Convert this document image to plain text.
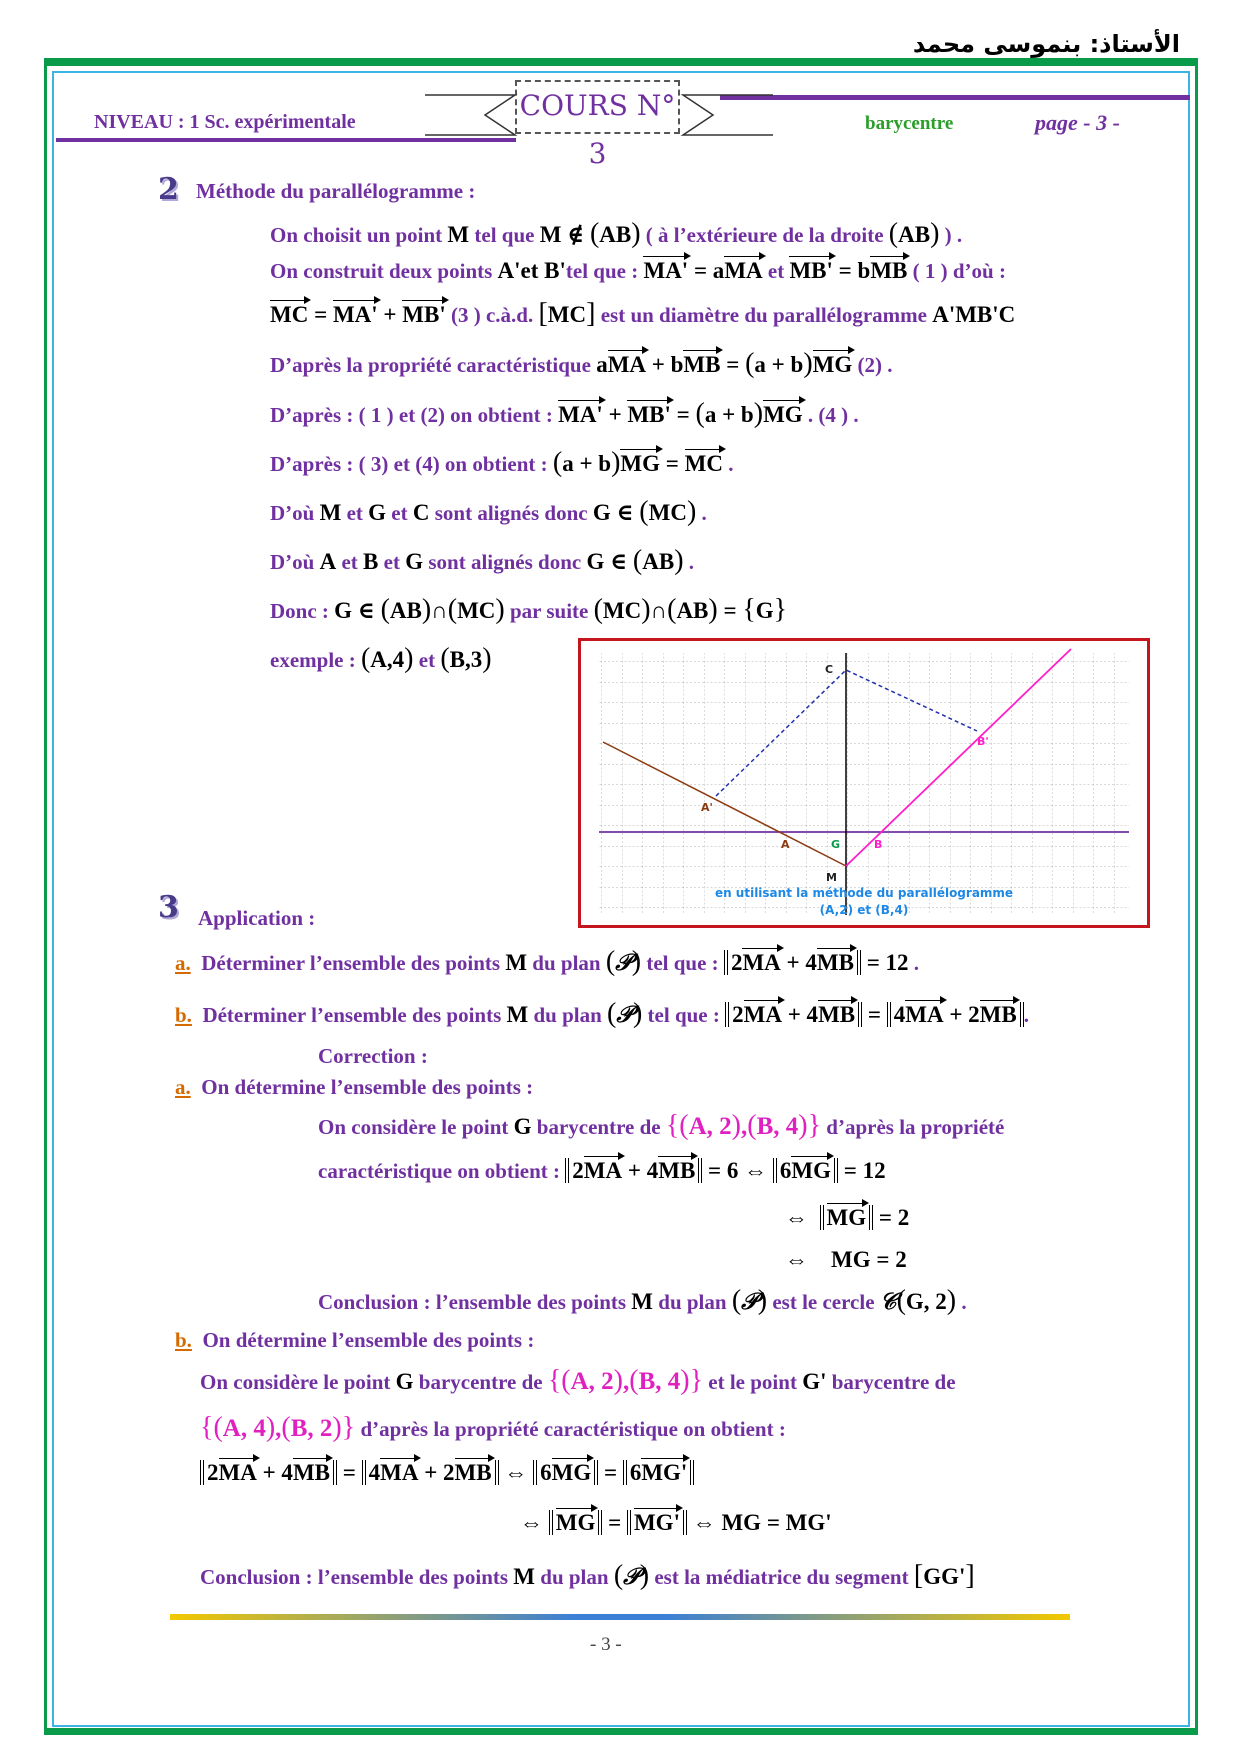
الأستاذ: بنموسى محمد
NIVEAU : 1 Sc. expérimentale	COURS N° 3
barycentre	page - 3 -
2 Méthode du parallélogramme :
On choisit un point M tel que M ∉ (AB) ( à l’extérieure de la droite (AB) ) .
On construit deux points A'et B'tel que : MA' = aMA et MB' = bMB ( 1 ) d’où :
MC = MA' + MB' (3 ) c.à.d. [MC] est un diamètre du parallélogramme A'MB'C
D’après la propriété caractéristique aMA + bMB = (a + b)MG (2) .
D’après : ( 1 ) et (2) on obtient : MA' + MB' = (a + b)MG . (4 ) .
D’après : ( 3) et (4) on obtient : (a + b)MG = MC .
D’où M et G et C sont alignés donc G ∈ (MC) .
D’où A et B et G sont alignés donc G ∈ (AB) .
Donc : G ∈ (AB)∩(MC) par suite (MC)∩(AB) = {G}
exemple : (A,4) et (B,3)	C
B'
A'
A	G	B
M
en utilisant la méthode du parallélogramme
(A,2) et (B,4)
3 Application :
a. Déterminer l’ensemble des points M du plan (𝒫) tel que : 2MA + 4MB = 12 .
b. Déterminer l’ensemble des points M du plan (𝒫) tel que : 2MA + 4MB = 4MA + 2MB .
Correction :
a. On détermine l’ensemble des points :
On considère le point G barycentre de {(A, 2),(B, 4)} d’après la propriété
caractéristique on obtient : 2MA + 4MB = 6 ⇔ 6MG = 12
⇔  MG = 2
⇔    MG = 2
Conclusion : l’ensemble des points M du plan (𝒫) est le cercle 𝒞(G, 2) .
b. On détermine l’ensemble des points :
On considère le point G barycentre de {(A, 2),(B, 4)} et le point G' barycentre de
{(A, 4),(B, 2)} d’après la propriété caractéristique on obtient :
2MA + 4MB = 4MA + 2MB ⇔ 6MG = 6MG'
⇔ MG = MG' ⇔ MG = MG'
Conclusion : l’ensemble des points M du plan (𝒫) est la médiatrice du segment [GG']
- 3 -
